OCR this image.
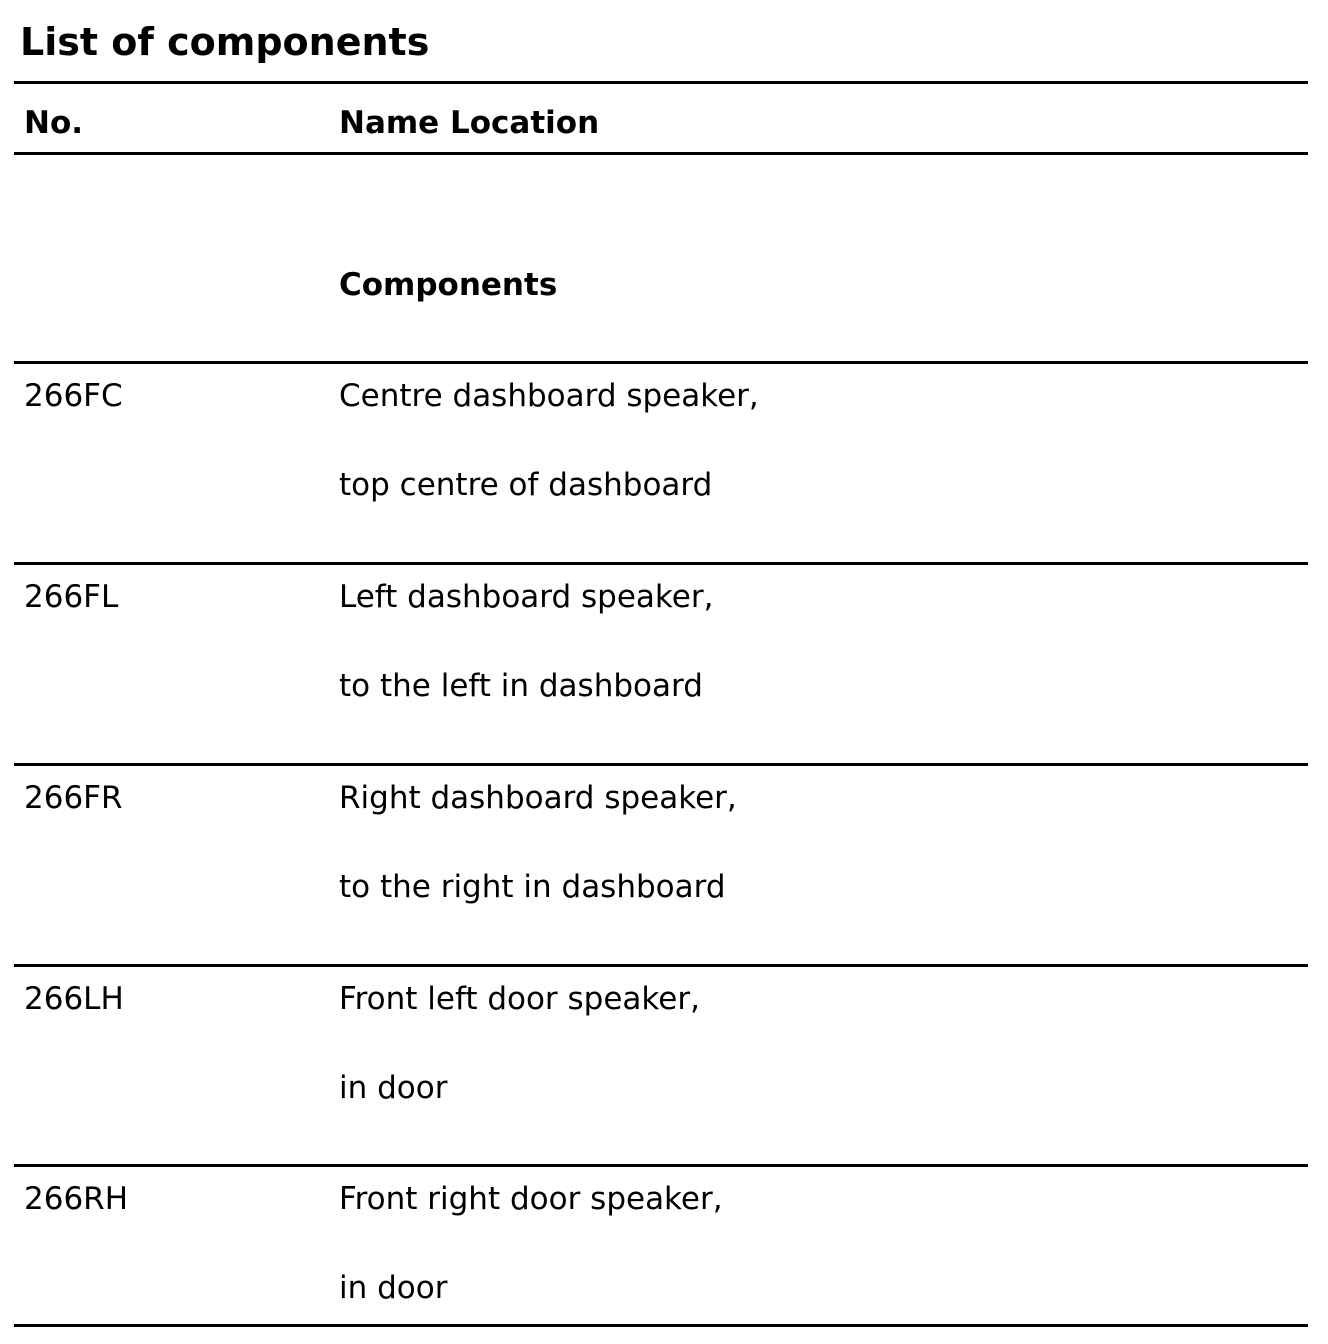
List of components
No.	Name Location
Components
266FC	Centre dashboard speaker,
top centre of dashboard
266FL	Left dashboard speaker,
to the left in dashboard
266FR	Right dashboard speaker,
to the right in dashboard
266LH	Front left door speaker,
in door
266RH	Front right door speaker,
in door
